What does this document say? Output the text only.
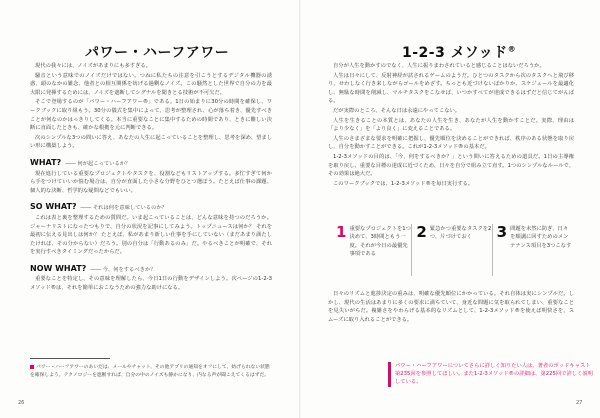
パワー・ハーフアワー

現代の我々には、ノイズがあまりにも多すぎる。

騒音という意味でのノイズだけではない。つねに私たちの注意を引こうとするデジタル機器の誘惑、頭のなかの雑念、他者との相互関係を妨げる過剰なノイズ。この騒然とした世界で自分の力を最大限に発揮するためには、ノイズを遮断してシグナルを聞きとる技術が不可欠だ。

そこで登場するのが「パワー・ハーフアワー®」である。1日の始まりに30分の時間を確保し、ワークブックに取り組もう。30分の儀式を集中によって、思考が整理され、心が落ち着き、優先すべきことが何なのかはっきりしてくる。本当に重要なことに集中するための時間であり、ときに難しい決断に直面したときも、確かな根拠を元に判断できる。

次のシンプルな3つの問いに答え、あなたの人生に起こっていることを整理し、思考を深め、望ましい形に構築しよう。

WHAT? ―― 何が起こっているか？

現在進行している重要なプロジェクトやタスクを、役割などもリストアップする。多忙すぎて何から手をつけていいか悩む場合は、自分が直面した小さな分野をひとつ選ぼう。たとえば仕事の課題、個人的な決断、哲学的な疑問などでもいい。

SO WHAT? ―― それは何を意味しているのか？

これは表と裏を整理するための質問だ。いま起こっていることは、どんな意味を持つのだろうか。ジャーナリストになったつもりで、自分の状況を記事にしてみよう。トップニュースは何か？ それを最初に伝える見出しは何か？ たとえば、私があまり新しい仕事を手にしていない（まだあまり満たしたければ、その分からない）だろう。別の自分は「行動あるのみ」だ。やるべきことが明確で、それを実行すべきタイミングだったからだ。

NOW WHAT? ―― 今、何をするべきか？

重要なことを特定し、その意味を理解したら、今日1日の行動をデザインしよう。次ページの1-2-3メソッド®は、それを簡単におこなうための強力な助けになる。

パワー・ハーフアワーのあいだは、メールやチャット、その他アプリの通知をオフにして、妨げられない状態を確保しよう。テクノロジーを遮断すれば、自分の中のノイズも静かになり、内なる声が聞こえてくるはずだ。
26
1-2-3 メソッド®

自分が人生を動かすのでなく、人生に振りまわされていると感じることはないだろうか。

人生は日々にして、反射神経が試されるゲームのようだ。ひとつのタスクから次のタスクへと飛び移り、せわしなく行き来しながらゴールをめざす。ちっとも近づけないばかりか、スケジュールを最適化し、無駄な時間を削減し、マルチタスクをこなせば、いつかすべてが達成できるはずだと信じてがんばる。

だが実際のところ、そんな日は永遠にやってこない。

人生を生きることの本質とは、あなたの人生を生き、あなたが人生を動かすことだ。実際、理由は「より少なく」を「より良く」に変えることである。

人生のさまざまな要求を明確に把握し、優先順位を決めることができれば、秩序のある状態を取り戻し、自分を動かすことができる。これが1-2-3メソッド®の基本だ。

1-2-3メソッドの目的は、「今、何をするべきか？」という問いに答えるための道具だ。1日の主導権を取り戻し、重要な目標の達成に近づくため、日々を自分で組み立て直す。1つのシンプルなルールで、その効果は絶大だ。

このワークブックでは、1-2-3メソッド®を毎日実行する。

1 重要なプロジェクトを1つ決めて、3時間ともう一度。それが今日の最優先事項である
2 緊急かつ重要なタスクを2つ、片づけておく	3 問題を未然に防ぎ、日々を順調に回すためのメンテナンス項目を3つこなす

日々のリズムと進捗決定の重みは、明確な優先順位にかかっている。それ自体は実にシンプルだ。しかし、現代の生活はあまりに多くの要求に満ちていて、身近な問題に気を取られてしまい、重要なことを見失いがちだ。複雑さをやわらげる基本的なリズムとして、1-2-3メソッド®を使えば明快さを、スムーズに取り入れることができる。

パワー・ハーフアワーについてさらに詳しく知りたい人は、著者のポッドキャスト第235回を参照してほしい。また1-2-3メソッド®の詳細は、第225回で詳しく説明している。
27
